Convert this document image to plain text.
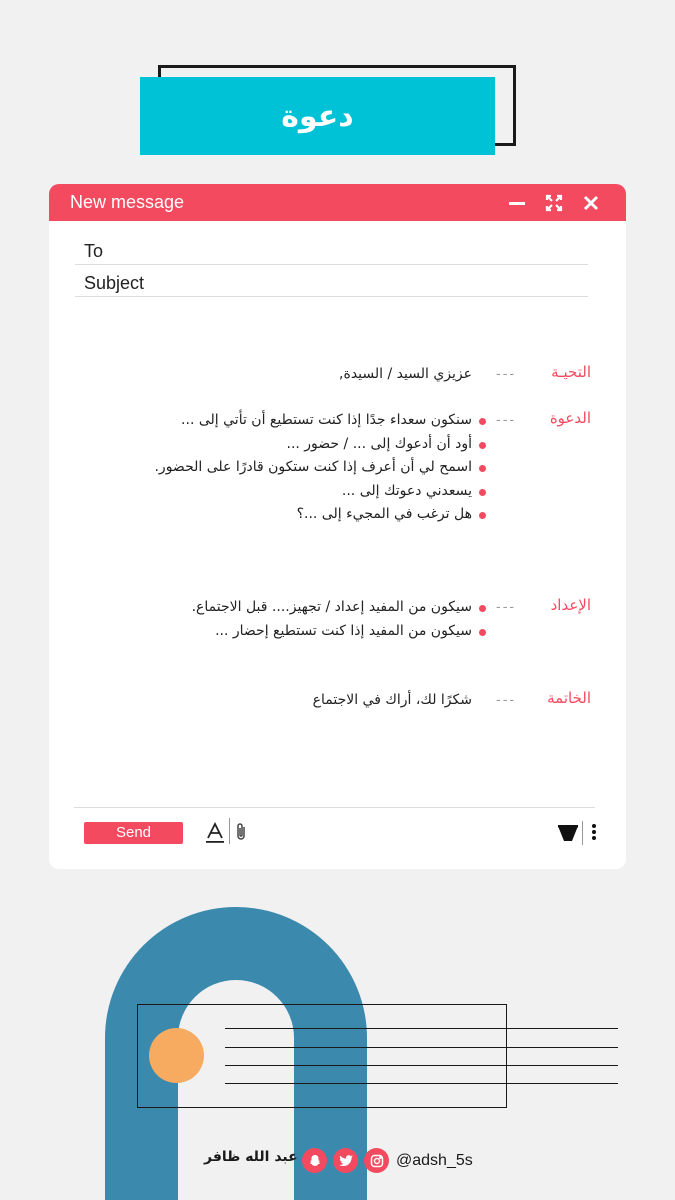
دعوة
New message
To
Subject
التحيـة
---
عزيزي السيد / السيدة,
الدعوة
---
سنكون سعداء جدًا إذا كنت تستطيع أن تأتي إلى ...
أود أن أدعوك إلى ... / حضور ...
اسمح لي أن أعرف إذا كنت ستكون قادرًا على الحضور.
يسعدني دعوتك إلى ...
هل ترغب في المجيء إلى ...؟
الإعداد
---
سيكون من المفيد إعداد / تجهيز.... قبل الاجتماع.
سيكون من المفيد إذا كنت تستطيع إحضار ...
الخاتمة
---
شكرًا لك، أراك في الاجتماع
Send
عبد الله ظافر	@adsh_5s
